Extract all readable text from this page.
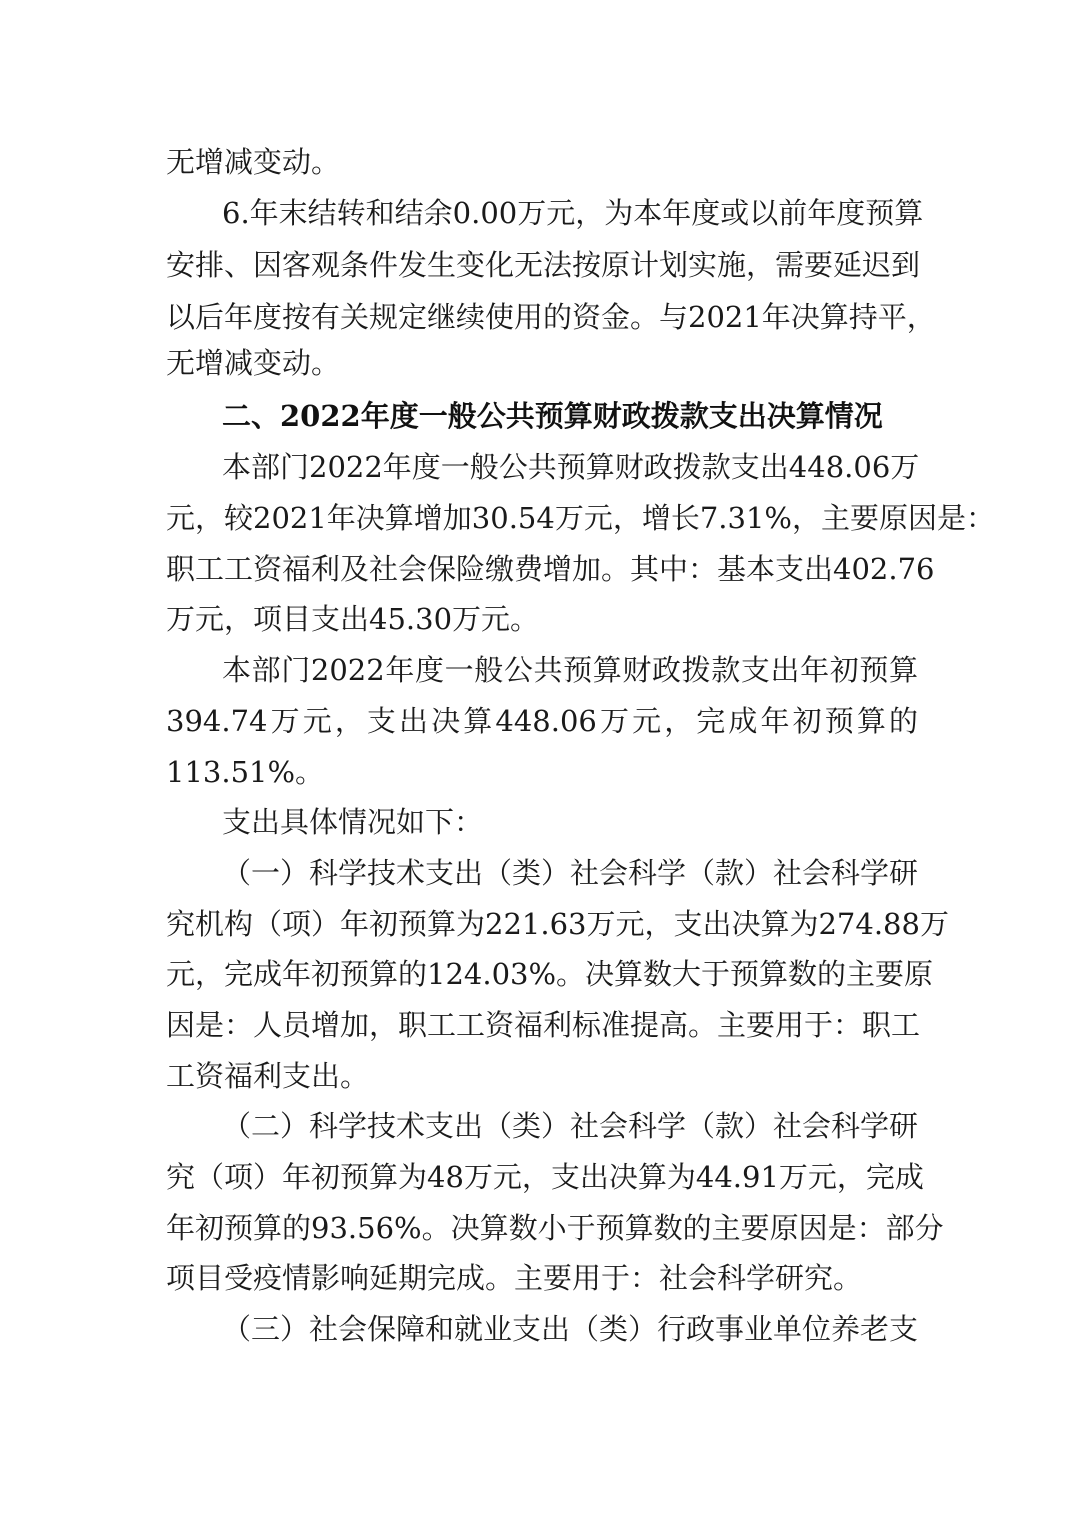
无增减变动。
6.年末结转和结余0.00万元，为本年度或以前年度预算
安排、因客观条件发生变化无法按原计划实施，需要延迟到
以后年度按有关规定继续使用的资金。与2021年决算持平，
无增减变动。
二、2022年度一般公共预算财政拨款支出决算情况
本部门2022年度一般公共预算财政拨款支出448.06万
元，较2021年决算增加30.54万元，增长7.31%，主要原因是：
职工工资福利及社会保险缴费增加。其中：基本支出402.76
万元，项目支出45.30万元。
本部门2022年度一般公共预算财政拨款支出年初预算
394.74万元，支出决算448.06万元，完成年初预算的
113.51%。
支出具体情况如下：
（一）科学技术支出（类）社会科学（款）社会科学研
究机构（项）年初预算为221.63万元，支出决算为274.88万
元，完成年初预算的124.03%。决算数大于预算数的主要原
因是：人员增加，职工工资福利标准提高。主要用于：职工
工资福利支出。
（二）科学技术支出（类）社会科学（款）社会科学研
究（项）年初预算为48万元，支出决算为44.91万元，完成
年初预算的93.56%。决算数小于预算数的主要原因是：部分
项目受疫情影响延期完成。主要用于：社会科学研究。
（三）社会保障和就业支出（类）行政事业单位养老支
